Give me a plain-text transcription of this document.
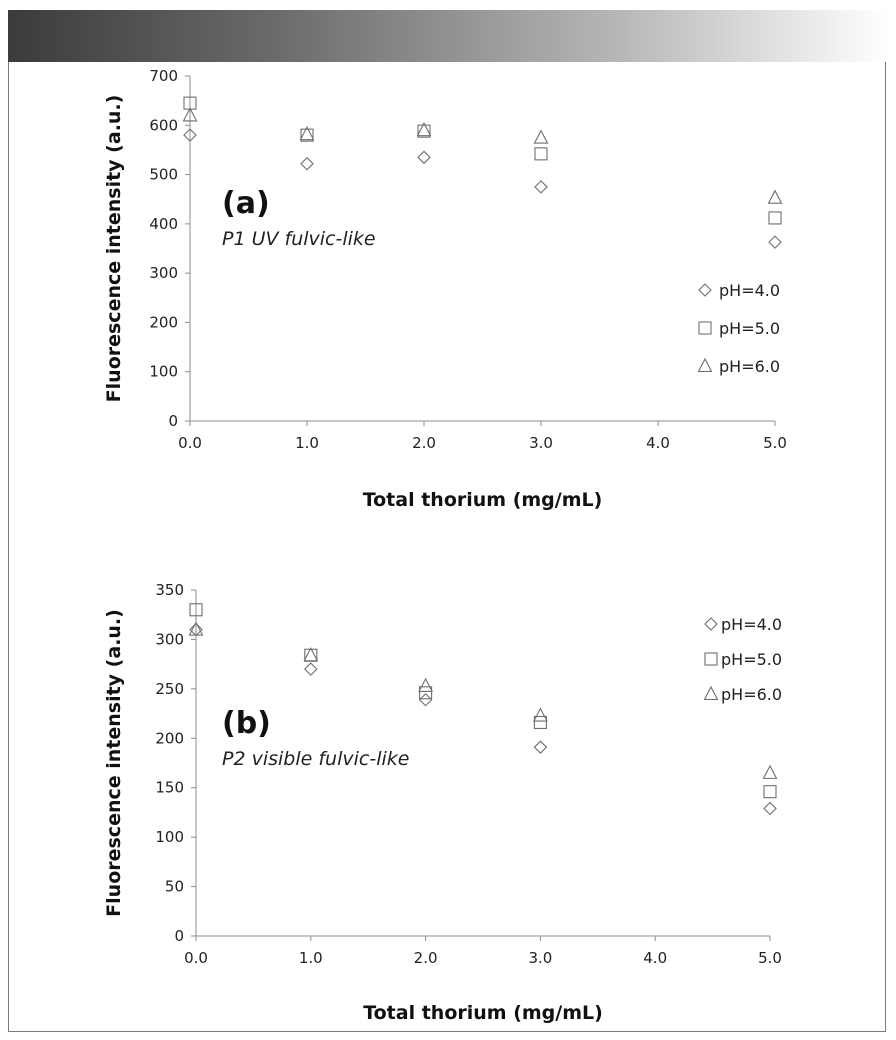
0
100
200
300
400
500
600
700
0.0	1.0	2.0	3.0	4.0	5.0
Total thorium (mg/mL)
Fluorescence intensity (a.u.)	(a)
P1 UV fulvic-like
pH=4.0
pH=5.0
pH=6.0
0
50
100
150
200
250
300
350
0.0	1.0	2.0	3.0	4.0	5.0
Total thorium (mg/mL)
Fluorescence intensity (a.u.)	(b)
P2 visible fulvic-like
pH=4.0
pH=5.0
pH=6.0
